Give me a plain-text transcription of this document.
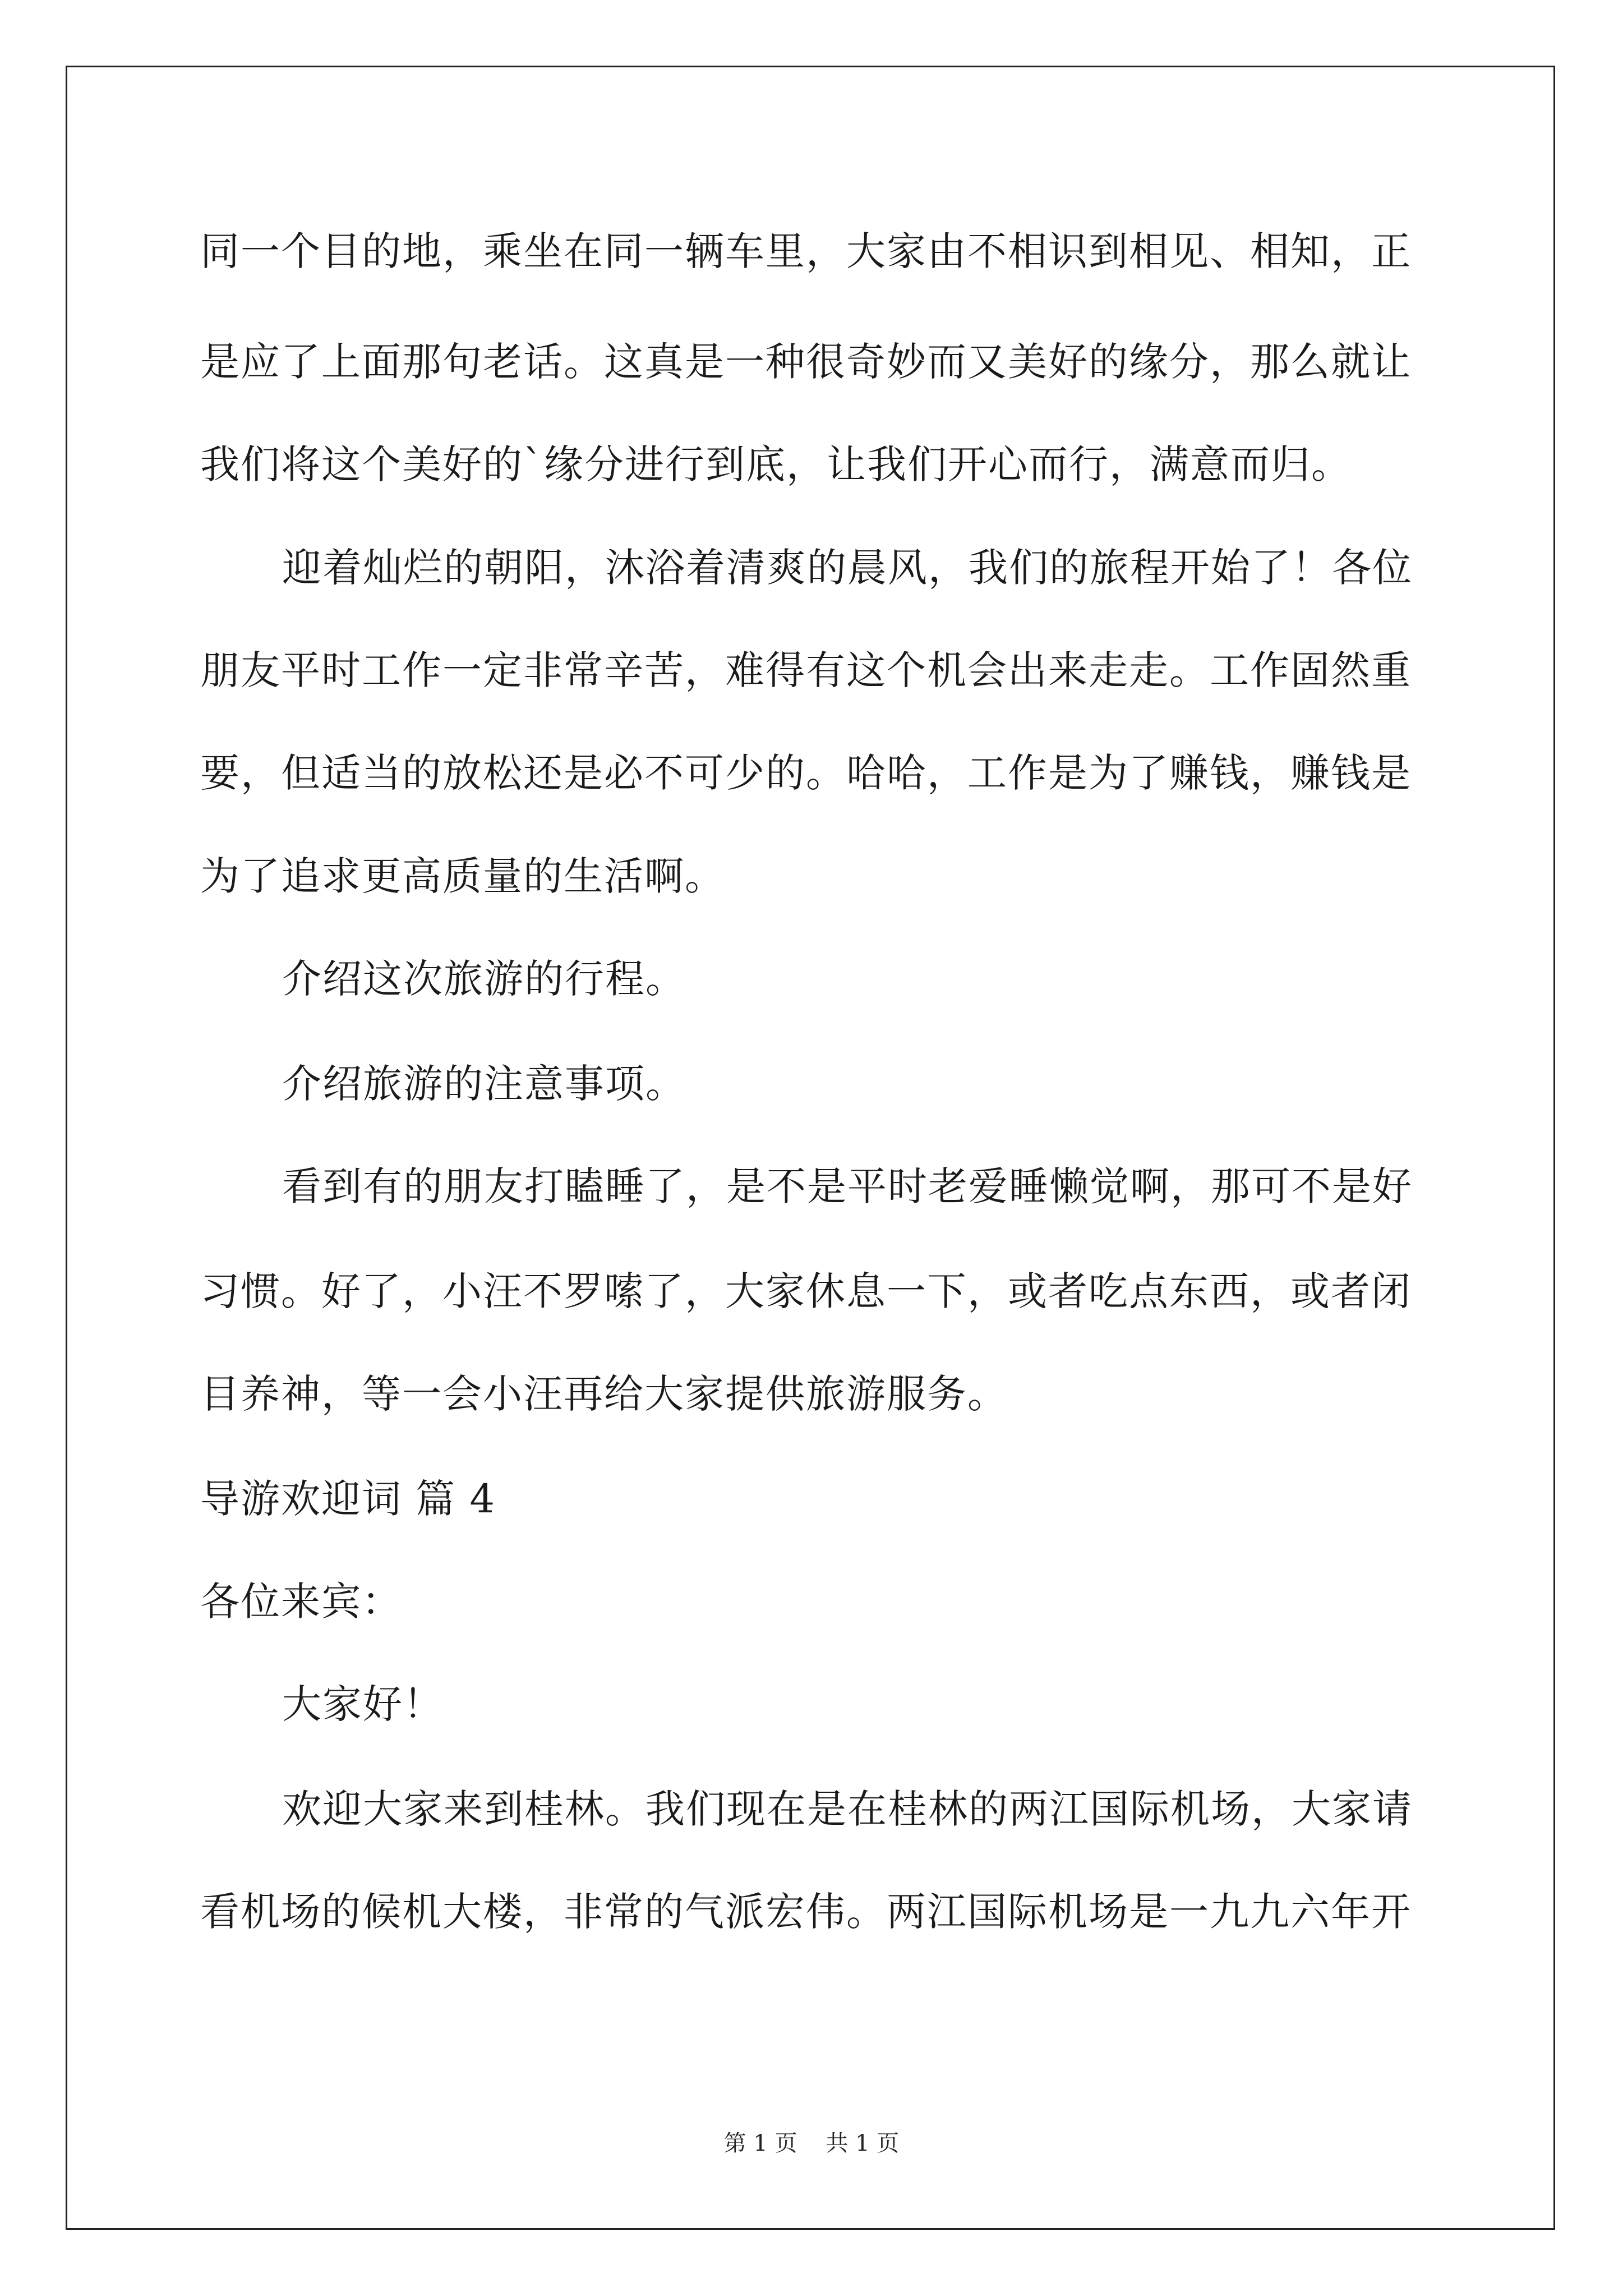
同一个目的地，乘坐在同一辆车里，大家由不相识到相见、相知，正
是应了上面那句老话。这真是一种很奇妙而又美好的缘分，那么就让
我们将这个美好的`缘分进行到底，让我们开心而行，满意而归。
迎着灿烂的朝阳，沐浴着清爽的晨风，我们的旅程开始了！各位
朋友平时工作一定非常辛苦，难得有这个机会出来走走。工作固然重
要，但适当的放松还是必不可少的。哈哈，工作是为了赚钱，赚钱是
为了追求更高质量的生活啊。
介绍这次旅游的行程。
介绍旅游的注意事项。
看到有的朋友打瞌睡了，是不是平时老爱睡懒觉啊，那可不是好
习惯。好了，小汪不罗嗦了，大家休息一下，或者吃点东西，或者闭
目养神，等一会小汪再给大家提供旅游服务。
导游欢迎词 篇 4
各位来宾：
大家好！
欢迎大家来到桂林。我们现在是在桂林的两江国际机场，大家请
看机场的候机大楼，非常的气派宏伟。两江国际机场是一九九六年开
第 1 页    共 1 页
